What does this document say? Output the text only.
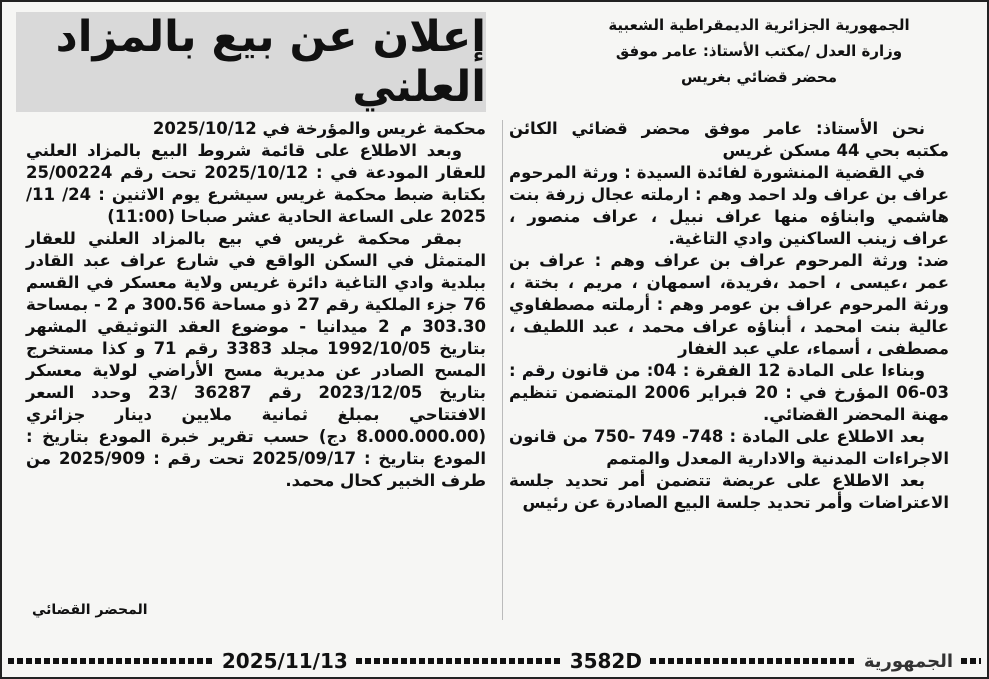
إعلان عن بيع بالمزاد العلني
الجمهورية الجزائرية الديمقراطية الشعبية
وزارة العدل /مكتب الأستاذ: عامر موفق
محضر قضائي بغريس

نحن الأستاذ: عامر موفق محضر قضائي الكائن مكتبه بحي 44 مسكن غريس

في القضية المنشورة لفائدة السيدة : ورثة المرحوم عراف بن عراف ولد احمد وهم : ارملته عجال زرفة بنت هاشمي وابناؤه منها عراف نبيل ، عراف منصور ، عراف زينب الساكنين وادي التاغية.

ضد: ورثة المرحوم عراف بن عراف وهم : عراف بن عمر ،عيسى ، احمد ،فريدة، اسمهان ، مريم ، بختة ، ورثة المرحوم عراف بن عومر وهم : أرملته مصطفاوي عالية بنت امحمد ، أبناؤه عراف محمد ، عبد اللطيف ، مصطفى ، أسماء، علي عبد الغفار

وبناءا على المادة 12 الفقرة : 04: من قانون رقم : 03-06 المؤرخ في : 20 فبراير 2006 المتضمن تنظيم مهنة المحضر القضائي.

بعد الاطلاع على المادة : 748- 749 -750 من قانون الاجراءات المدنية والادارية المعدل والمتمم

بعد الاطلاع على عريضة تتضمن أمر تحديد جلسة الاعتراضات وأمر تحديد جلسة البيع الصادرة عن رئيس

محكمة غريس والمؤرخة في 2025/10/12

وبعد الاطلاع على قائمة شروط البيع بالمزاد العلني للعقار المودعة في : 2025/10/12 تحت رقم 25/00224 بكتابة ضبط محكمة غريس سيشرع يوم الاثنين : 24/ 11/ 2025 على الساعة الحادية عشر صباحا (11:00)

بمقر محكمة غريس في بيع بالمزاد العلني للعقار المتمثل في السكن الواقع في شارع عراف عبد القادر ببلدية وادي التاغية دائرة غريس ولاية معسكر في القسم 76 جزء الملكية رقم 27 ذو مساحة 300.56 م 2 - بمساحة 303.30 م 2 ميدانيا - موضوع العقد التوثيقي المشهر بتاريخ 1992/10/05 مجلد 3383 رقم 71 و كذا مستخرج المسح الصادر عن مديرية مسح الأراضي لولاية معسكر بتاريخ 2023/12/05 رقم 36287 /23 وحدد السعر الافتتاحي بمبلغ ثمانية ملايين دينار جزائري (8.000.000.00 دج) حسب تقرير خبرة المودع بتاريخ : المودع بتاريخ : 2025/09/17 تحت رقم : 2025/909 من طرف الخبير كحال محمد.

المحضر القضائي
2025/11/13	3582D	الجمهورية
